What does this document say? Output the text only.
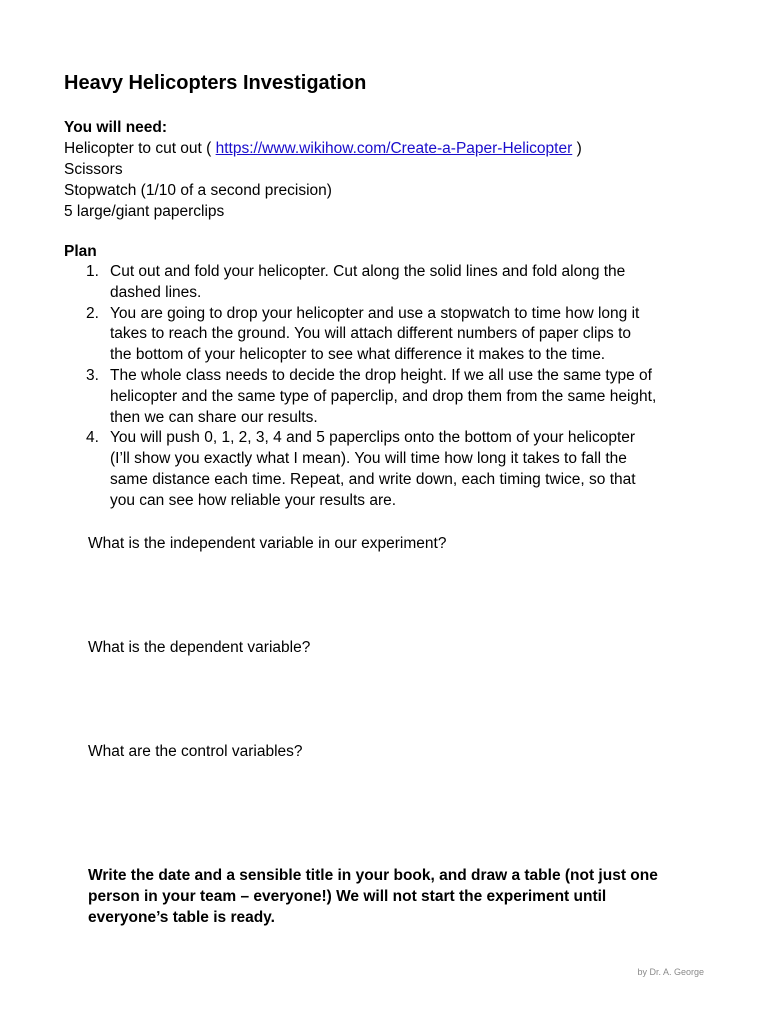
Heavy Helicopters Investigation
You will need:
Helicopter to cut out ( https://www.wikihow.com/Create-a-Paper-Helicopter )
Scissors
Stopwatch (1/10 of a second precision)
5 large/giant paperclips
Plan
1. Cut out and fold your helicopter. Cut along the solid lines and fold along the
dashed lines.
2. You are going to drop your helicopter and use a stopwatch to time how long it
takes to reach the ground. You will attach different numbers of paper clips to
the bottom of your helicopter to see what difference it makes to the time.
3. The whole class needs to decide the drop height. If we all use the same type of
helicopter and the same type of paperclip, and drop them from the same height,
then we can share our results.
4. You will push 0, 1, 2, 3, 4 and 5 paperclips onto the bottom of your helicopter
(I’ll show you exactly what I mean). You will time how long it takes to fall the
same distance each time. Repeat, and write down, each timing twice, so that
you can see how reliable your results are.
What is the independent variable in our experiment?
What is the dependent variable?
What are the control variables?
Write the date and a sensible title in your book, and draw a table (not just one
person in your team – everyone!) We will not start the experiment until
everyone’s table is ready.
by Dr. A. George
